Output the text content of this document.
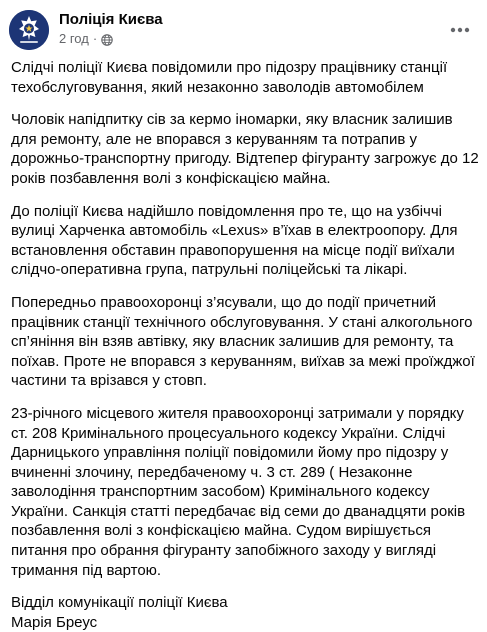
Поліція Києва
2 год ·

Слідчі поліції Києва повідомили про підозру працівнику станції техобслуговування, який незаконно заволодів автомобілем

Чоловік напідпитку сів за кермо іномарки, яку власник залишив для ремонту, але не впорався з керуванням та потрапив у дорожньо-транспортну пригоду. Відтепер фігуранту загрожує до 12 років позбавлення волі з конфіскацією майна.

До поліції Києва надійшло повідомлення про те, що на узбіччі вулиці Харченка автомобіль «Lexus» в’їхав в електроопору. Для встановлення обставин правопорушення на місце події виїхали слідчо-оперативна група, патрульні поліцейські та лікарі.

Попередньо правоохоронці з’ясували, що до події причетний працівник станції технічного обслуговування. У стані алкогольного сп’яніння він взяв автівку, яку власник залишив для ремонту, та поїхав. Проте не впорався з керуванням, виїхав за межі проїжджої частини та врізався у стовп.

23-річного місцевого жителя правоохоронці затримали у порядку ст. 208 Кримінального процесуального кодексу України. Слідчі Дарницького управління поліції повідомили йому про підозру у вчиненні злочину, передбаченому ч. 3 ст. 289 ( Незаконне заволодіння транспортним засобом) Кримінального кодексу України. Санкція статті передбачає від семи до дванадцяти років позбавлення волі з конфіскацією майна. Судом вирішується питання про обрання фігуранту запобіжного заходу у вигляді тримання під вартою.

Відділ комунікації поліції Києва

Марія Бреус
